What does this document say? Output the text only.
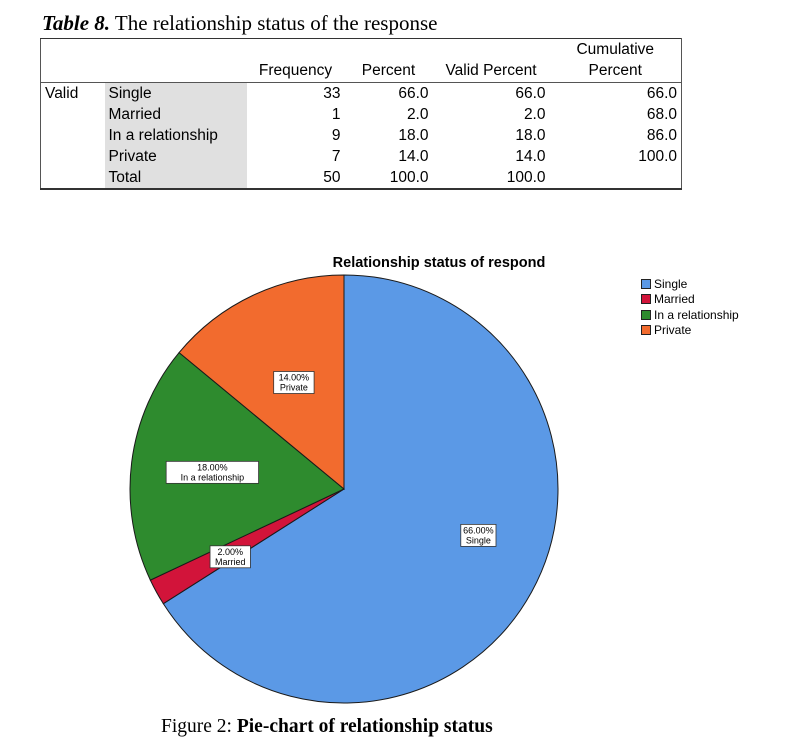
Table 8. The relationship status of the response
		Frequency	Percent	Valid Percent	Cumulative
Percent
Valid	Single	33	66.0	66.0	66.0
	Married	1	2.0	2.0	68.0
	In a relationship	9	18.0	18.0	86.0
	Private	7	14.0	14.0	100.0
	Total	50	100.0	100.0	
Relationship status of respond
66.00%
Single
2.00%
Married
18.00%
In a relationship
14.00%
Private
Single
Married
In a relationship
Private
Figure 2: Pie-chart of relationship status
